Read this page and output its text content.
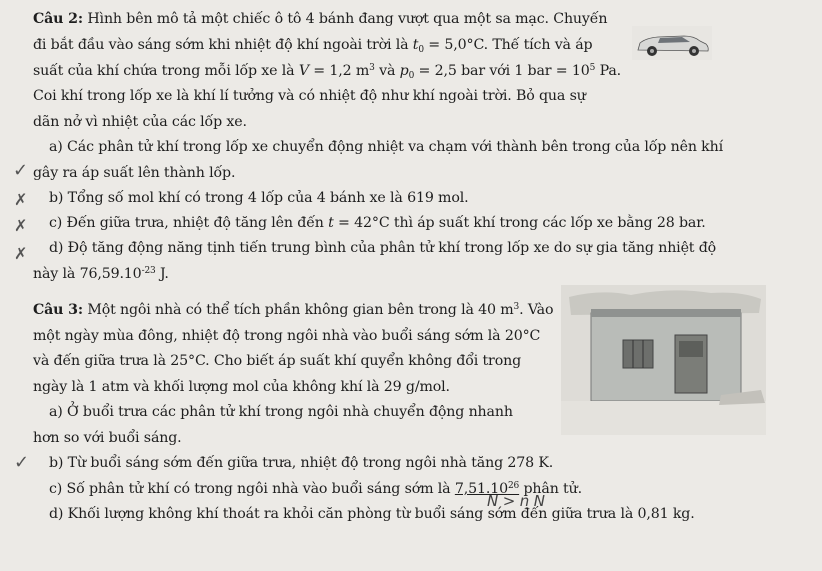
Câu 2: Hình bên mô tả một chiếc ô tô 4 bánh đang vượt qua một sa mạc. Chuyến
đi bắt đầu vào sáng sớm khi nhiệt độ khí ngoài trời là $t_0 = 5,0^\circ C$. Thế tích và áp
suất của khí chứa trong mỗi lốp xe là V = 1,2 $m^3$ và $p_0 = 2,5$ bar với 1 bar = $10^5$ Pa.
Coi khí trong lốp xe là khí lí tưởng và có nhiệt độ như khí ngoài trời. Bỏ qua sự
dãn nở vì nhiệt của các lốp xe.
a) Các phân tử khí trong lốp xe chuyển động nhiệt va chạm với thành bên trong của lốp nên khí
gây ra áp suất lên thành lốp.
b) Tổng số mol khí có trong 4 lốp của 4 bánh xe là 619 mol.
c) Đến giữa trưa, nhiệt độ tăng lên đến t = 42°C thì áp suất khí trong các lốp xe bằng 28 bar.
d) Độ tăng động năng tịnh tiến trung bình của phân tử khí trong lốp xe do sự gia tăng nhiệt độ
này là $76,59.10^{-23}$ J.
Câu 3: Một ngôi nhà có thể tích phần không gian bên trong là 40 $m^3$. Vào
một ngày mùa đông, nhiệt độ trong ngôi nhà vào buổi sáng sớm là 20°C
và đến giữa trưa là 25°C. Cho biết áp suất khí quyển không đổi trong
ngày là 1 atm và khối lượng mol của không khí là 29 g/mol.
a) Ở buổi trưa các phân tử khí trong ngôi nhà chuyển động nhanh
hơn so với buổi sáng.
b) Từ buổi sáng sớm đến giữa trưa, nhiệt độ trong ngôi nhà tăng 278 K.
c) Số phân tử khí có trong ngôi nhà vào buổi sáng sớm là 7,51.10$^{26}$ phân tử.
d) Khối lượng không khí thoát ra khỏi căn phòng từ buổi sáng sớm đến giữa trưa là 0,81 kg.
✓
✗
✗
✗
✓
N > n N
